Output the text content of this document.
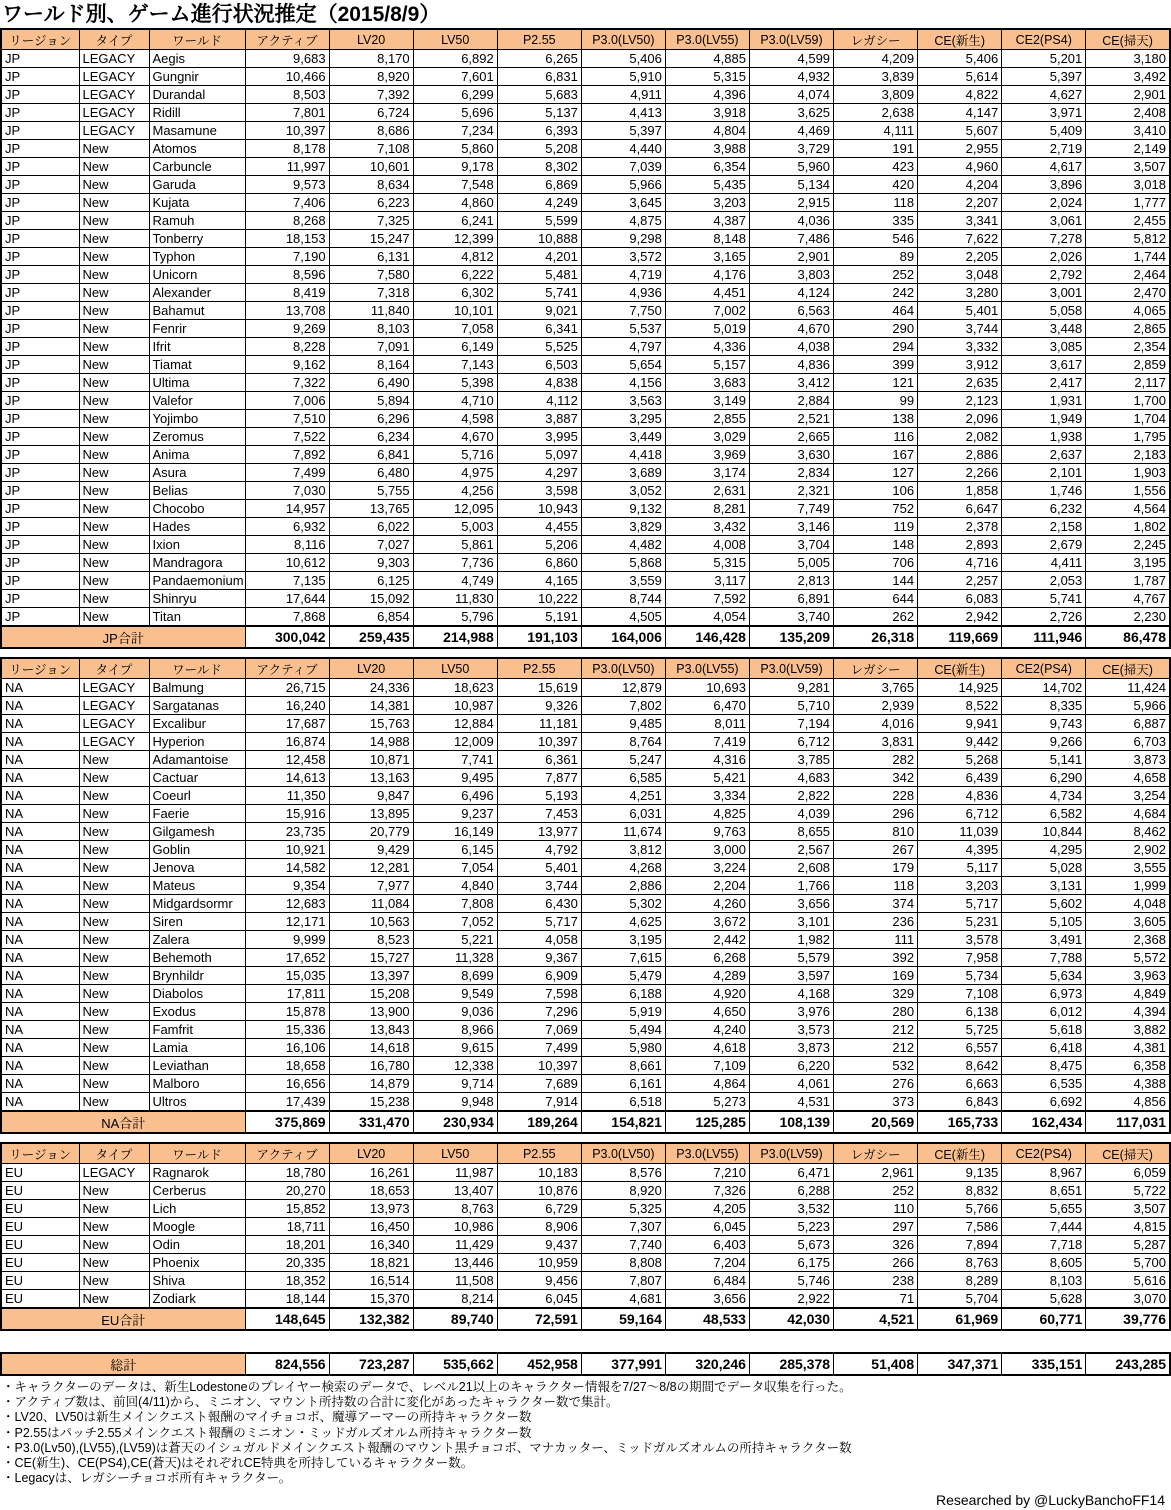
ワールド別、ゲーム進行状況推定（2015/8/9）
リージョン	タイプ	ワールド	アクティブ	LV20	LV50	P2.55	P3.0(LV50)	P3.0(LV55)	P3.0(LV59)	レガシー	CE(新生)	CE2(PS4)	CE(掃天)
JP	LEGACY	Aegis	9,683	8,170	6,892	6,265	5,406	4,885	4,599	4,209	5,406	5,201	3,180
JP	LEGACY	Gungnir	10,466	8,920	7,601	6,831	5,910	5,315	4,932	3,839	5,614	5,397	3,492
JP	LEGACY	Durandal	8,503	7,392	6,299	5,683	4,911	4,396	4,074	3,809	4,822	4,627	2,901
JP	LEGACY	Ridill	7,801	6,724	5,696	5,137	4,413	3,918	3,625	2,638	4,147	3,971	2,408
JP	LEGACY	Masamune	10,397	8,686	7,234	6,393	5,397	4,804	4,469	4,111	5,607	5,409	3,410
JP	New	Atomos	8,178	7,108	5,860	5,208	4,440	3,988	3,729	191	2,955	2,719	2,149
JP	New	Carbuncle	11,997	10,601	9,178	8,302	7,039	6,354	5,960	423	4,960	4,617	3,507
JP	New	Garuda	9,573	8,634	7,548	6,869	5,966	5,435	5,134	420	4,204	3,896	3,018
JP	New	Kujata	7,406	6,223	4,860	4,249	3,645	3,203	2,915	118	2,207	2,024	1,777
JP	New	Ramuh	8,268	7,325	6,241	5,599	4,875	4,387	4,036	335	3,341	3,061	2,455
JP	New	Tonberry	18,153	15,247	12,399	10,888	9,298	8,148	7,486	546	7,622	7,278	5,812
JP	New	Typhon	7,190	6,131	4,812	4,201	3,572	3,165	2,901	89	2,205	2,026	1,744
JP	New	Unicorn	8,596	7,580	6,222	5,481	4,719	4,176	3,803	252	3,048	2,792	2,464
JP	New	Alexander	8,419	7,318	6,302	5,741	4,936	4,451	4,124	242	3,280	3,001	2,470
JP	New	Bahamut	13,708	11,840	10,101	9,021	7,750	7,002	6,563	464	5,401	5,058	4,065
JP	New	Fenrir	9,269	8,103	7,058	6,341	5,537	5,019	4,670	290	3,744	3,448	2,865
JP	New	Ifrit	8,228	7,091	6,149	5,525	4,797	4,336	4,038	294	3,332	3,085	2,354
JP	New	Tiamat	9,162	8,164	7,143	6,503	5,654	5,157	4,836	399	3,912	3,617	2,859
JP	New	Ultima	7,322	6,490	5,398	4,838	4,156	3,683	3,412	121	2,635	2,417	2,117
JP	New	Valefor	7,006	5,894	4,710	4,112	3,563	3,149	2,884	99	2,123	1,931	1,700
JP	New	Yojimbo	7,510	6,296	4,598	3,887	3,295	2,855	2,521	138	2,096	1,949	1,704
JP	New	Zeromus	7,522	6,234	4,670	3,995	3,449	3,029	2,665	116	2,082	1,938	1,795
JP	New	Anima	7,892	6,841	5,716	5,097	4,418	3,969	3,630	167	2,886	2,637	2,183
JP	New	Asura	7,499	6,480	4,975	4,297	3,689	3,174	2,834	127	2,266	2,101	1,903
JP	New	Belias	7,030	5,755	4,256	3,598	3,052	2,631	2,321	106	1,858	1,746	1,556
JP	New	Chocobo	14,957	13,765	12,095	10,943	9,132	8,281	7,749	752	6,647	6,232	4,564
JP	New	Hades	6,932	6,022	5,003	4,455	3,829	3,432	3,146	119	2,378	2,158	1,802
JP	New	Ixion	8,116	7,027	5,861	5,206	4,482	4,008	3,704	148	2,893	2,679	2,245
JP	New	Mandragora	10,612	9,303	7,736	6,860	5,868	5,315	5,005	706	4,716	4,411	3,195
JP	New	Pandaemonium	7,135	6,125	4,749	4,165	3,559	3,117	2,813	144	2,257	2,053	1,787
JP	New	Shinryu	17,644	15,092	11,830	10,222	8,744	7,592	6,891	644	6,083	5,741	4,767
JP	New	Titan	7,868	6,854	5,796	5,191	4,505	4,054	3,740	262	2,942	2,726	2,230
JP合計			300,042	259,435	214,988	191,103	164,006	146,428	135,209	26,318	119,669	111,946	86,478
リージョン	タイプ	ワールド	アクティブ	LV20	LV50	P2.55	P3.0(LV50)	P3.0(LV55)	P3.0(LV59)	レガシー	CE(新生)	CE2(PS4)	CE(掃天)
NA	LEGACY	Balmung	26,715	24,336	18,623	15,619	12,879	10,693	9,281	3,765	14,925	14,702	11,424
NA	LEGACY	Sargatanas	16,240	14,381	10,987	9,326	7,802	6,470	5,710	2,939	8,522	8,335	5,966
NA	LEGACY	Excalibur	17,687	15,763	12,884	11,181	9,485	8,011	7,194	4,016	9,941	9,743	6,887
NA	LEGACY	Hyperion	16,874	14,988	12,009	10,397	8,764	7,419	6,712	3,831	9,442	9,266	6,703
NA	New	Adamantoise	12,458	10,871	7,741	6,361	5,247	4,316	3,785	282	5,268	5,141	3,873
NA	New	Cactuar	14,613	13,163	9,495	7,877	6,585	5,421	4,683	342	6,439	6,290	4,658
NA	New	Coeurl	11,350	9,847	6,496	5,193	4,251	3,334	2,822	228	4,836	4,734	3,254
NA	New	Faerie	15,916	13,895	9,237	7,453	6,031	4,825	4,039	296	6,712	6,582	4,684
NA	New	Gilgamesh	23,735	20,779	16,149	13,977	11,674	9,763	8,655	810	11,039	10,844	8,462
NA	New	Goblin	10,921	9,429	6,145	4,792	3,812	3,000	2,567	267	4,395	4,295	2,902
NA	New	Jenova	14,582	12,281	7,054	5,401	4,268	3,224	2,608	179	5,117	5,028	3,555
NA	New	Mateus	9,354	7,977	4,840	3,744	2,886	2,204	1,766	118	3,203	3,131	1,999
NA	New	Midgardsormr	12,683	11,084	7,808	6,430	5,302	4,260	3,656	374	5,717	5,602	4,048
NA	New	Siren	12,171	10,563	7,052	5,717	4,625	3,672	3,101	236	5,231	5,105	3,605
NA	New	Zalera	9,999	8,523	5,221	4,058	3,195	2,442	1,982	111	3,578	3,491	2,368
NA	New	Behemoth	17,652	15,727	11,328	9,367	7,615	6,268	5,579	392	7,958	7,788	5,572
NA	New	Brynhildr	15,035	13,397	8,699	6,909	5,479	4,289	3,597	169	5,734	5,634	3,963
NA	New	Diabolos	17,811	15,208	9,549	7,598	6,188	4,920	4,168	329	7,108	6,973	4,849
NA	New	Exodus	15,878	13,900	9,036	7,296	5,919	4,650	3,976	280	6,138	6,012	4,394
NA	New	Famfrit	15,336	13,843	8,966	7,069	5,494	4,240	3,573	212	5,725	5,618	3,882
NA	New	Lamia	16,106	14,618	9,615	7,499	5,980	4,618	3,873	212	6,557	6,418	4,381
NA	New	Leviathan	18,658	16,780	12,338	10,397	8,661	7,109	6,220	532	8,642	8,475	6,358
NA	New	Malboro	16,656	14,879	9,714	7,689	6,161	4,864	4,061	276	6,663	6,535	4,388
NA	New	Ultros	17,439	15,238	9,948	7,914	6,518	5,273	4,531	373	6,843	6,692	4,856
NA合計			375,869	331,470	230,934	189,264	154,821	125,285	108,139	20,569	165,733	162,434	117,031
リージョン	タイプ	ワールド	アクティブ	LV20	LV50	P2.55	P3.0(LV50)	P3.0(LV55)	P3.0(LV59)	レガシー	CE(新生)	CE2(PS4)	CE(掃天)
EU	LEGACY	Ragnarok	18,780	16,261	11,987	10,183	8,576	7,210	6,471	2,961	9,135	8,967	6,059
EU	New	Cerberus	20,270	18,653	13,407	10,876	8,920	7,326	6,288	252	8,832	8,651	5,722
EU	New	Lich	15,852	13,973	8,763	6,729	5,325	4,205	3,532	110	5,766	5,655	3,507
EU	New	Moogle	18,711	16,450	10,986	8,906	7,307	6,045	5,223	297	7,586	7,444	4,815
EU	New	Odin	18,201	16,340	11,429	9,437	7,740	6,403	5,673	326	7,894	7,718	5,287
EU	New	Phoenix	20,335	18,821	13,446	10,959	8,808	7,204	6,175	266	8,763	8,605	5,700
EU	New	Shiva	18,352	16,514	11,508	9,456	7,807	6,484	5,746	238	8,289	8,103	5,616
EU	New	Zodiark	18,144	15,370	8,214	6,045	4,681	3,656	2,922	71	5,704	5,628	3,070
EU合計			148,645	132,382	89,740	72,591	59,164	48,533	42,030	4,521	61,969	60,771	39,776
総計	824,556	723,287	535,662	452,958	377,991	320,246	285,378	51,408	347,371	335,151	243,285
・キャラクターのデータは、新生Lodestoneのプレイヤー検索のデータで、レベル21以上のキャラクター情報を7/27～8/8の期間でデータ収集を行った。
・アクティブ数は、前回(4/11)から、ミニオン、マウント所持数の合計に変化があったキャラクター数で集計。
・LV20、LV50は新生メインクエスト報酬のマイチョコボ、魔導アーマーの所持キャラクター数
・P2.55はパッチ2.55メインクエスト報酬のミニオン・ミッドガルズオルム所持キャラクター数
・P3.0(Lv50),(LV55),(LV59)は蒼天のイシュガルドメインクエスト報酬のマウント黒チョコボ、マナカッター、ミッドガルズオルムの所持キャラクター数
・CE(新生)、CE(PS4),CE(蒼天)はそれぞれCE特典を所持しているキャラクター数。
・Legacyは、レガシーチョコボ所有キャラクター。
Researched by @LuckyBanchoFF14
